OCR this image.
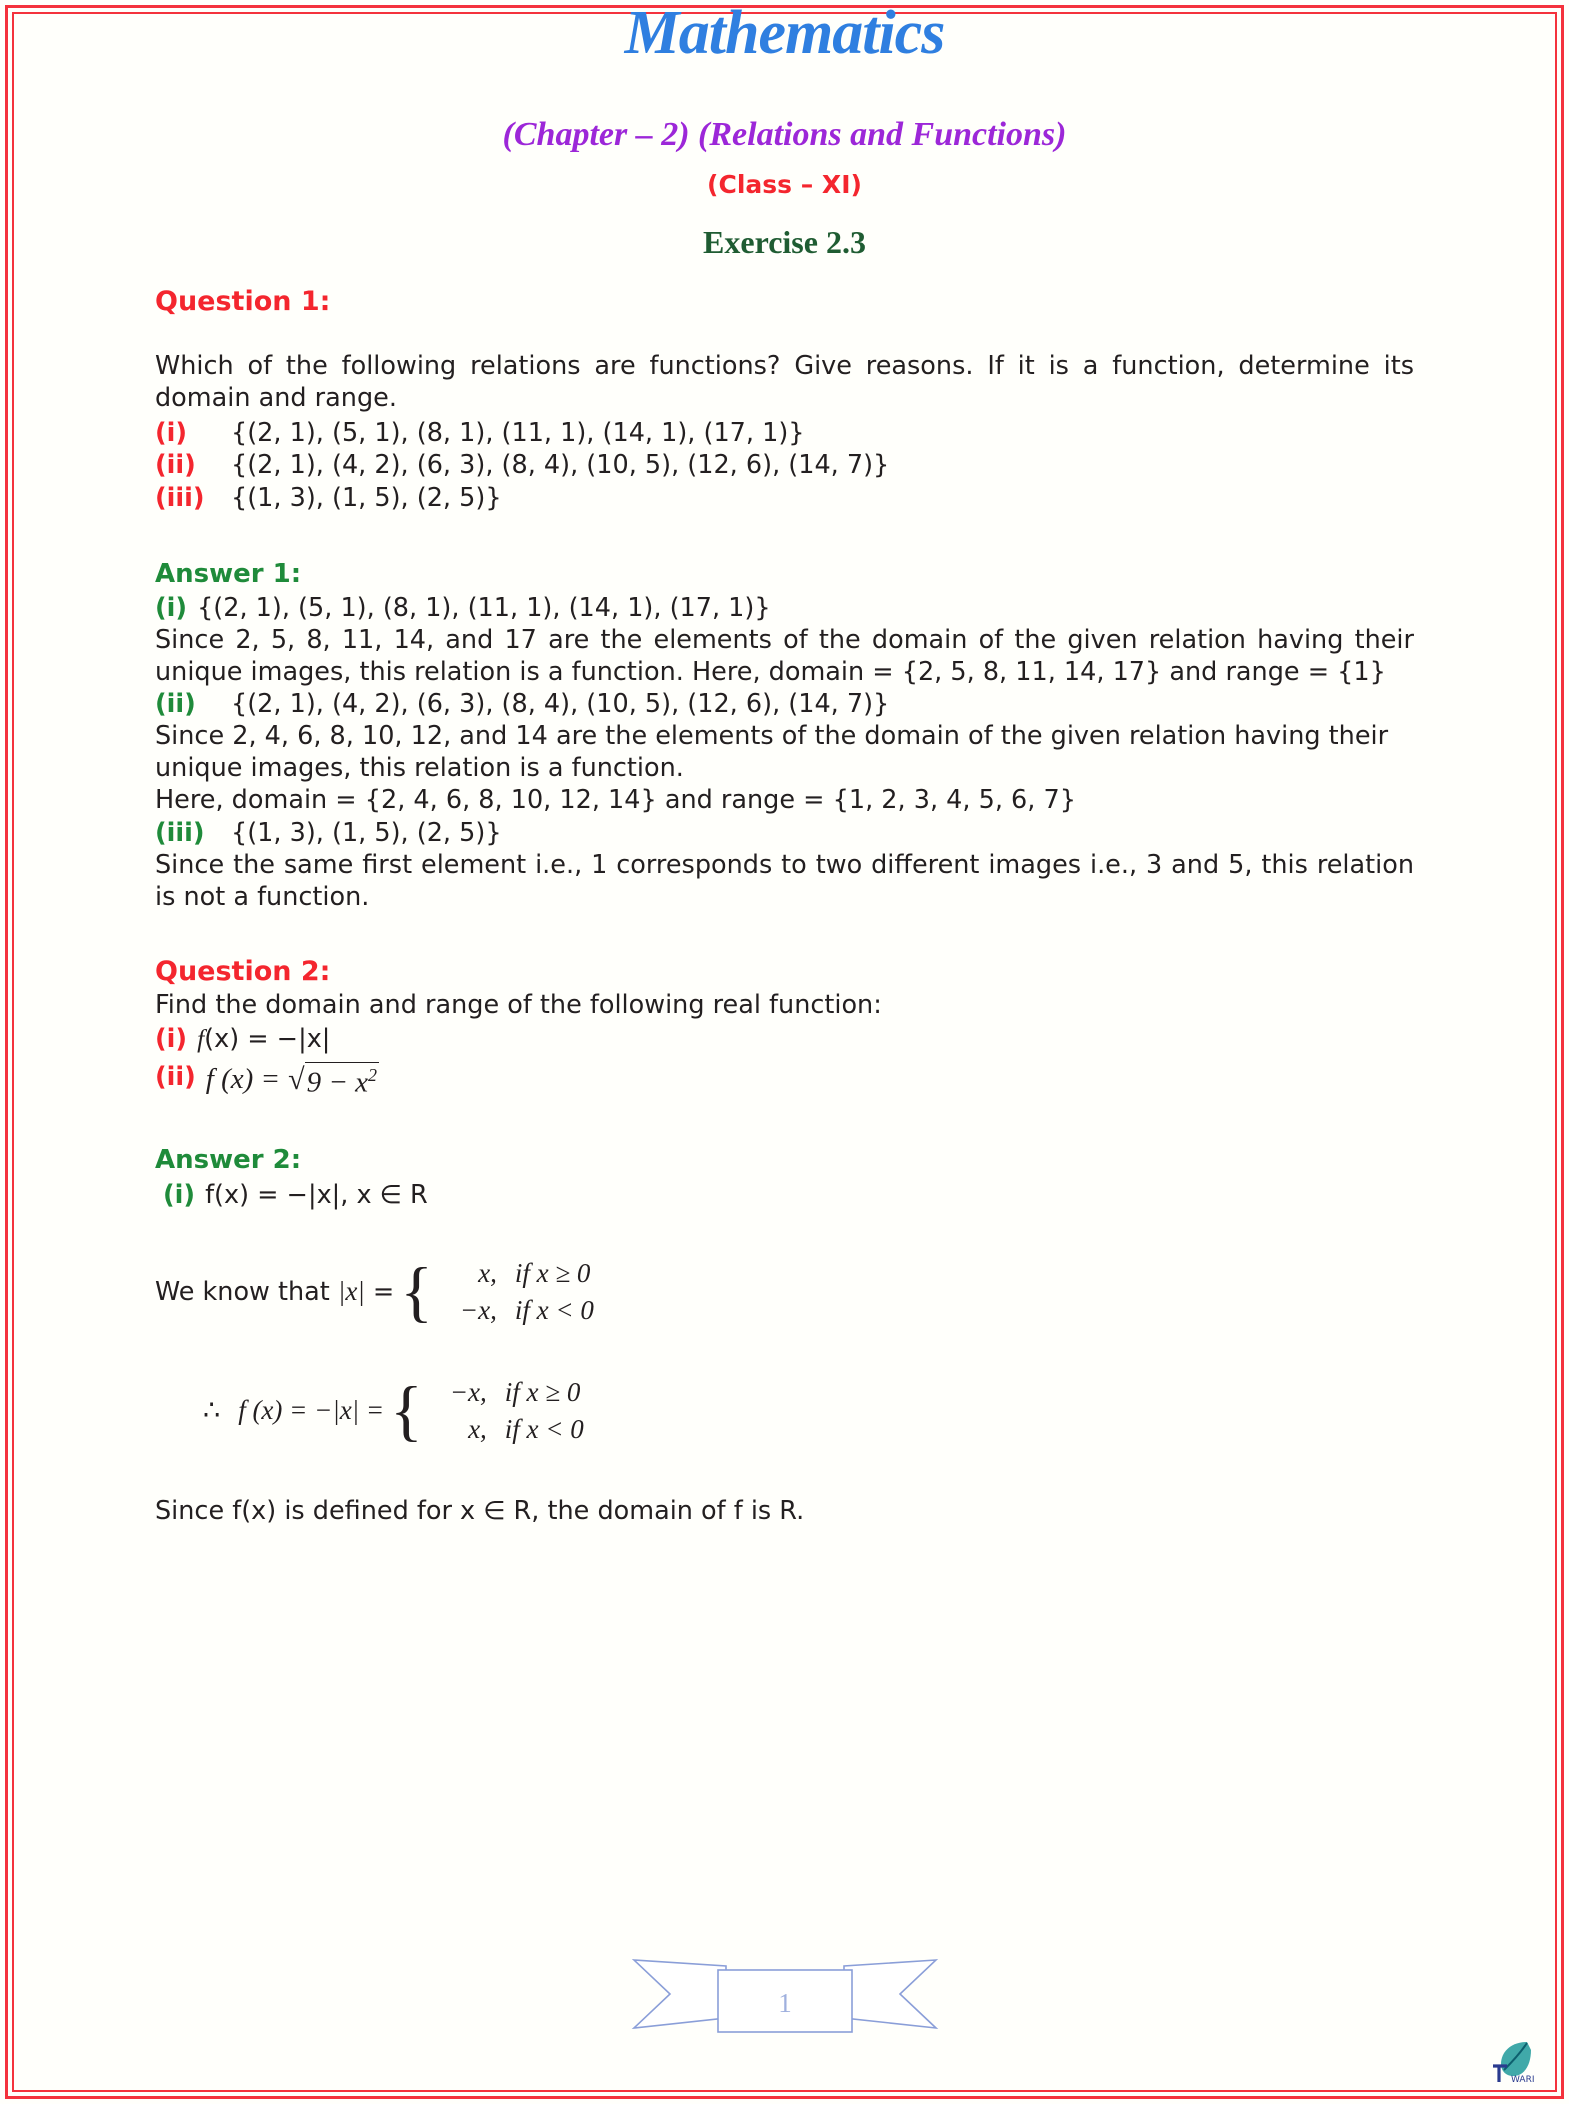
Mathematics
(Chapter – 2) (Relations and Functions)
(Class – XI)
Exercise 2.3
Question 1:
Which of the following relations are functions? Give reasons. If it is a function, determine its domain and range.
(i)	{(2, 1), (5, 1), (8, 1), (11, 1), (14, 1), (17, 1)}
(ii)	{(2, 1), (4, 2), (6, 3), (8, 4), (10, 5), (12, 6), (14, 7)}
(iii)	{(1, 3), (1, 5), (2, 5)}
Answer 1:
(i) {(2, 1), (5, 1), (8, 1), (11, 1), (14, 1), (17, 1)}
Since 2, 5, 8, 11, 14, and 17 are the elements of the domain of the given relation having their unique images, this relation is a function. Here, domain = {2, 5, 8, 11, 14, 17} and range = {1}
(ii)	{(2, 1), (4, 2), (6, 3), (8, 4), (10, 5), (12, 6), (14, 7)}
Since 2, 4, 6, 8, 10, 12, and 14 are the elements of the domain of the given relation having their unique images, this relation is a function.
Here, domain = {2, 4, 6, 8, 10, 12, 14} and range = {1, 2, 3, 4, 5, 6, 7}
(iii)	{(1, 3), (1, 5), (2, 5)}
Since the same first element i.e., 1 corresponds to two different images i.e., 3 and 5, this relation is not a function.
Question 2:
Find the domain and range of the following real function:
(i) f(x) = −|x|
(ii) f (x) = √ $9 - x^2$
Answer 2:
(i) f(x) = −|x|, x ∈ R
We know that |x| = {	x, if x ≥ 0
−x, if x < 0
∴ f (x) = −|x| = {	−x, if x ≥ 0
x, if x < 0
Since f(x) is defined for x ∈ R, the domain of f is R.
1
WARI
